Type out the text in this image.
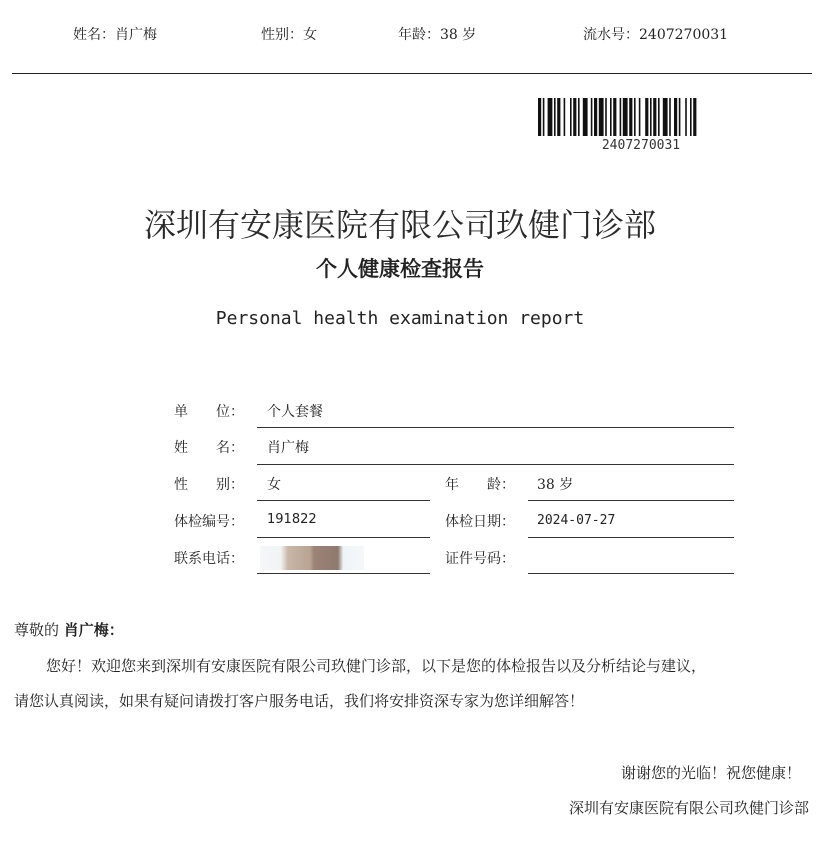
姓名：肖广梅	性别：女	年龄：38 岁	流水号：2407270031
2407270031
深圳有安康医院有限公司玖健门诊部
个人健康检查报告
Personal health examination report
单　　位： 个人套餐
姓　　名： 肖广梅
性　　别： 女	年　　龄： 38 岁
体检编号： 191822	体检日期： 2024-07-27
联系电话：	证件号码：
尊敬的 肖广梅：
您好！欢迎您来到深圳有安康医院有限公司玖健门诊部，以下是您的体检报告以及分析结论与建议，
请您认真阅读，如果有疑问请拨打客户服务电话，我们将安排资深专家为您详细解答！
谢谢您的光临！祝您健康！
深圳有安康医院有限公司玖健门诊部
